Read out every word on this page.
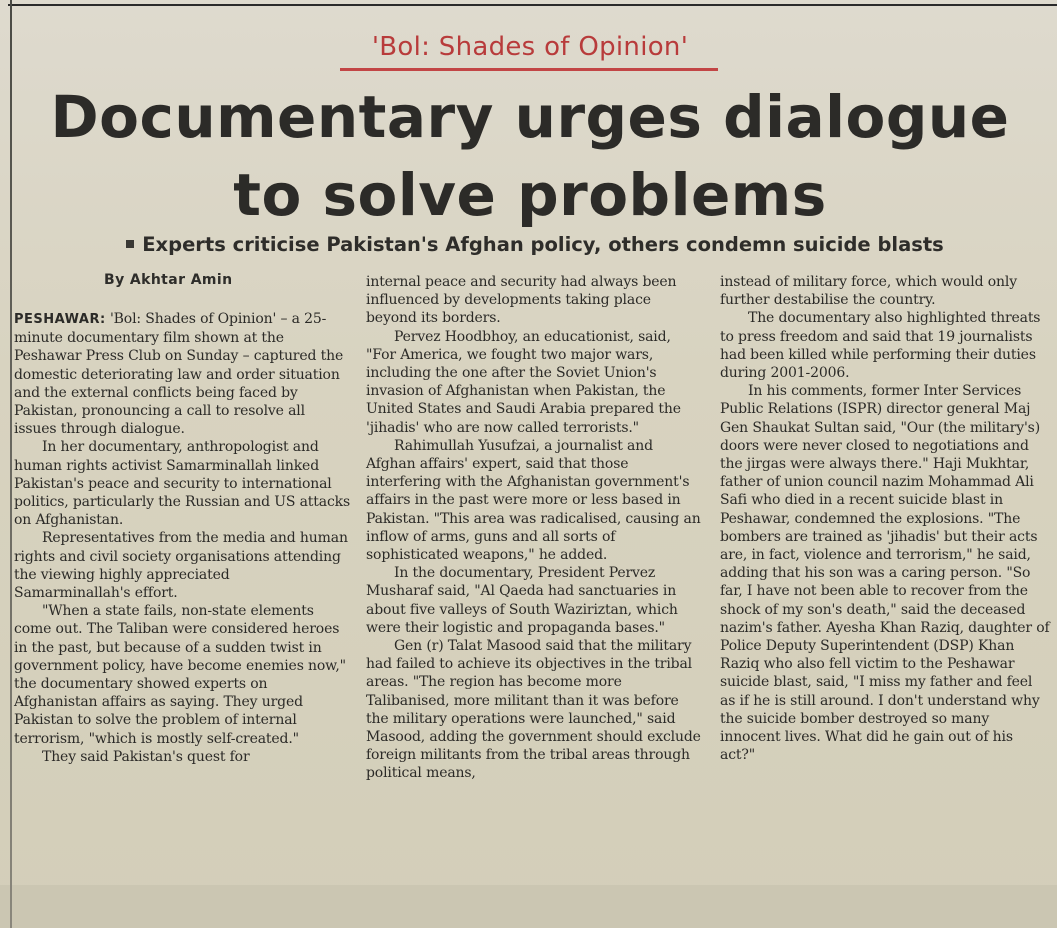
'Bol: Shades of Opinion'
Documentary urges dialogue
to solve problems
Experts criticise Pakistan's Afghan policy, others condemn suicide blasts
By Akhtar Amin

PESHAWAR: 'Bol: Shades of Opinion' – a 25-minute documentary film shown at the Peshawar Press Club on Sunday – captured the domestic deteriorating law and order situation and the external conflicts being faced by Pakistan, pronouncing a call to resolve all issues through dialogue.

In her documentary, anthropologist and human rights activist Samarminallah linked Pakistan's peace and security to international politics, particularly the Russian and US attacks on Afghanistan.

Representatives from the media and human rights and civil society organisations attending the viewing highly appreciated Samarminallah's effort.

"When a state fails, non-state elements come out. The Taliban were considered heroes in the past, but because of a sudden twist in government policy, have become enemies now," the documentary showed experts on Afghanistan affairs as saying. They urged Pakistan to solve the problem of internal terrorism, "which is mostly self-created."

They said Pakistan's quest for

internal peace and security had always been influenced by developments taking place beyond its borders.

Pervez Hoodbhoy, an educationist, said, "For America, we fought two major wars, including the one after the Soviet Union's invasion of Afghanistan when Pakistan, the United States and Saudi Arabia prepared the 'jihadis' who are now called terrorists."

Rahimullah Yusufzai, a journalist and Afghan affairs' expert, said that those interfering with the Afghanistan government's affairs in the past were more or less based in Pakistan. "This area was radicalised, causing an inflow of arms, guns and all sorts of sophisticated weapons," he added.

In the documentary, President Pervez Musharaf said, "Al Qaeda had sanctuaries in about five valleys of South Waziriztan, which were their logistic and propaganda bases."

Gen (r) Talat Masood said that the military had failed to achieve its objectives in the tribal areas. "The region has become more Talibanised, more militant than it was before the military operations were launched," said Masood, adding the government should exclude foreign militants from the tribal areas through political means,

instead of military force, which would only further destabilise the country.

The documentary also highlighted threats to press freedom and said that 19 journalists had been killed while performing their duties during 2001-2006.

In his comments, former Inter Services Public Relations (ISPR) director general Maj Gen Shaukat Sultan said, "Our (the military's) doors were never closed to negotiations and the jirgas were always there." Haji Mukhtar, father of union council nazim Mohammad Ali Safi who died in a recent suicide blast in Peshawar, condemned the explosions. "The bombers are trained as 'jihadis' but their acts are, in fact, violence and terrorism," he said, adding that his son was a caring person. "So far, I have not been able to recover from the shock of my son's death," said the deceased nazim's father. Ayesha Khan Raziq, daughter of Police Deputy Superintendent (DSP) Khan Raziq who also fell victim to the Peshawar suicide blast, said, "I miss my father and feel as if he is still around. I don't understand why the suicide bomber destroyed so many innocent lives. What did he gain out of his act?"
